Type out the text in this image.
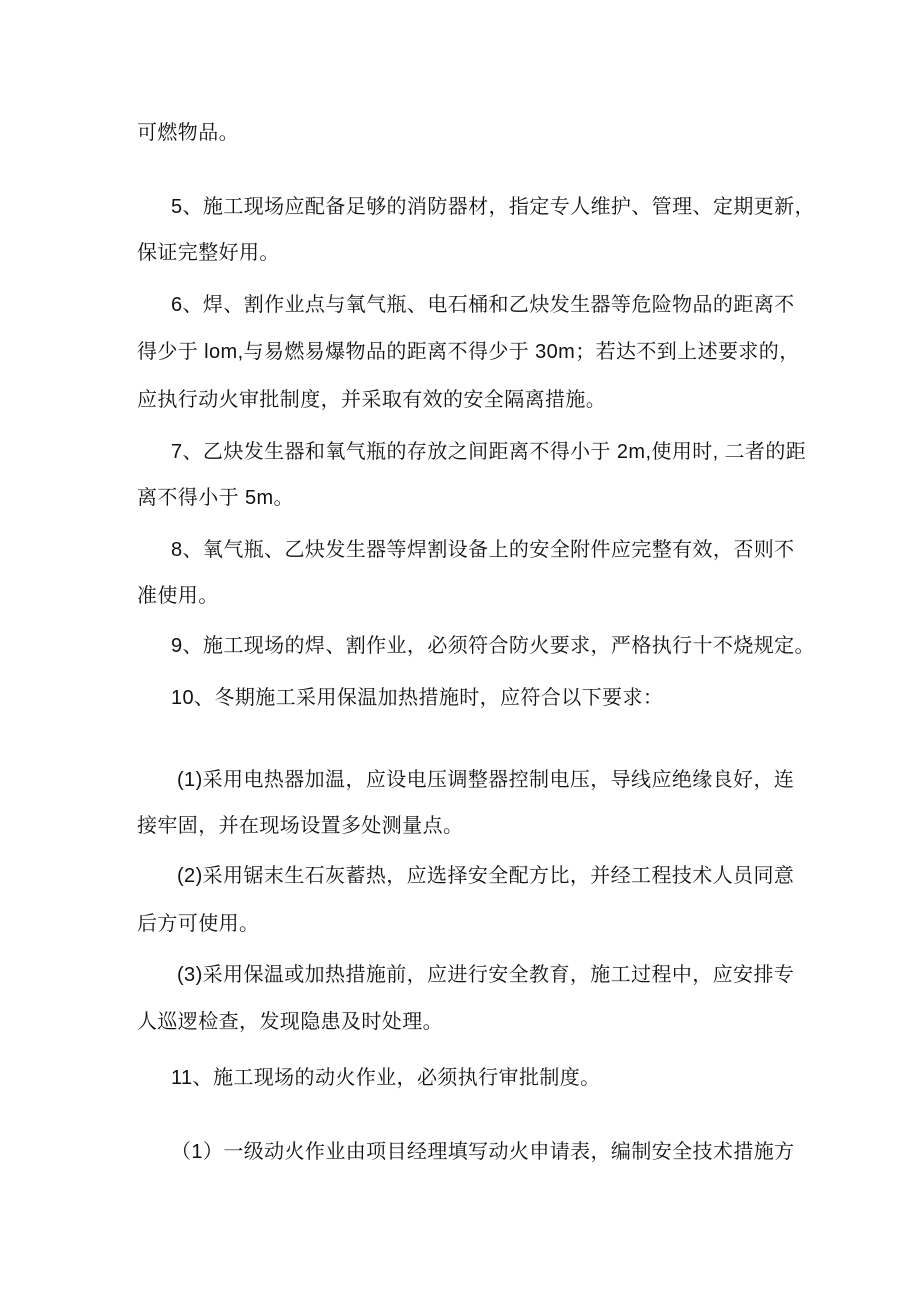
可燃物品。
5、施工现场应配备足够的消防器材，指定专人维护、管理、定期更新，
保证完整好用。
6、焊、割作业点与氧气瓶、电石桶和乙炔发生器等危险物品的距离不
得少于 lom,与易燃易爆物品的距离不得少于 30m；若达不到上述要求的，
应执行动火审批制度，并采取有效的安全隔离措施。
7、乙炔发生器和氧气瓶的存放之间距离不得小于 2m,使用时, 二者的距
离不得小于 5m。
8、氧气瓶、乙炔发生器等焊割设备上的安全附件应完整有效，否则不
准使用。
9、施工现场的焊、割作业，必须符合防火要求，严格执行十不烧规定。
10、冬期施工采用保温加热措施时，应符合以下要求：
(1)采用电热器加温，应设电压调整器控制电压，导线应绝缘良好，连
接牢固，并在现场设置多处测量点。
(2)采用锯末生石灰蓄热，应选择安全配方比，并经工程技术人员同意
后方可使用。
(3)采用保温或加热措施前，应进行安全教育，施工过程中，应安排专
人巡逻检查，发现隐患及时处理。
11、施工现场的动火作业，必须执行审批制度。
（1）一级动火作业由项目经理填写动火申请表，编制安全技术措施方
